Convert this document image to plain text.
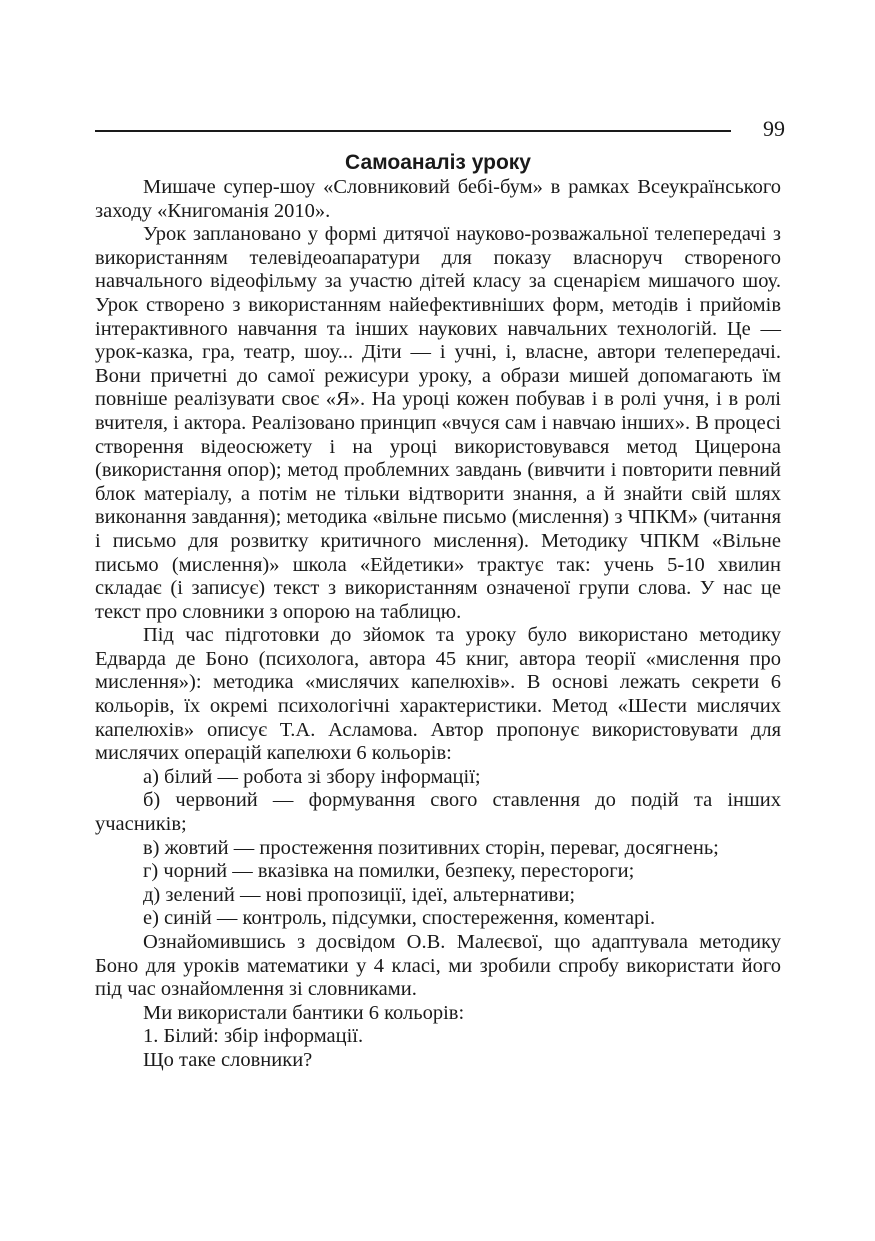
99
Самоаналіз уроку

Мишаче супер-шоу «Словниковий бебі-бум» в рамках Всеукраїнського заходу «Книгоманія 2010».

Урок заплановано у формі дитячої науково-розважальної телепередачі з використанням телевідеоапаратури для показу власноруч створеного навчального відеофільму за участю дітей класу за сценарієм мишачого шоу. Урок створено з використанням найефективніших форм, методів і прийомів інтерактивного навчання та інших наукових навчальних технологій. Це — урок-казка, гра, театр, шоу... Діти — і учні, і, власне, автори телепередачі. Вони причетні до самої режисури уроку, а образи мишей допомагають їм повніше реалізувати своє «Я». На уроці кожен побував і в ролі учня, і в ролі вчителя, і актора. Реалізовано принцип «вчуся сам і навчаю інших». В процесі створення відеосюжету і на уроці використовувався метод Цицерона (використання опор); метод проблемних завдань (вивчити і повторити певний блок матеріалу, а потім не тільки відтворити знання, а й знайти свій шлях виконання завдання); методика «вільне письмо (мислення) з ЧПКМ» (читання і письмо для розвитку критичного мислення). Методику ЧПКМ «Вільне письмо (мислення)» школа «Ейдетики» трактує так: учень 5-10 хвилин складає (і записує) текст з використанням означеної групи слова. У нас це текст про словники з опорою на таблицю.

Під час підготовки до зйомок та уроку було використано методику Едварда де Боно (психолога, автора 45 книг, автора теорії «мислення про мислення»): методика «мислячих капелюхів». В основі лежать секрети 6 кольорів, їх окремі психологічні характеристики. Метод «Шести мислячих капелюхів» описує Т.А. Асламова. Автор пропонує використовувати для мислячих операцій капелюхи 6 кольорів:

а) білий — робота зі збору інформації;

б) червоний — формування свого ставлення до подій та інших учасників;

в) жовтий — простеження позитивних сторін, переваг, досягнень;

г) чорний — вказівка на помилки, безпеку, перестороги;

д) зелений — нові пропозиції, ідеї, альтернативи;

е) синій — контроль, підсумки, спостереження, коментарі.

Ознайомившись з досвідом О.В. Малеєвої, що адаптувала методику Боно для уроків математики у 4 класі, ми зробили спробу використати його під час ознайомлення зі словниками.

Ми використали бантики 6 кольорів:

1. Білий: збір інформації.

Що таке словники?
